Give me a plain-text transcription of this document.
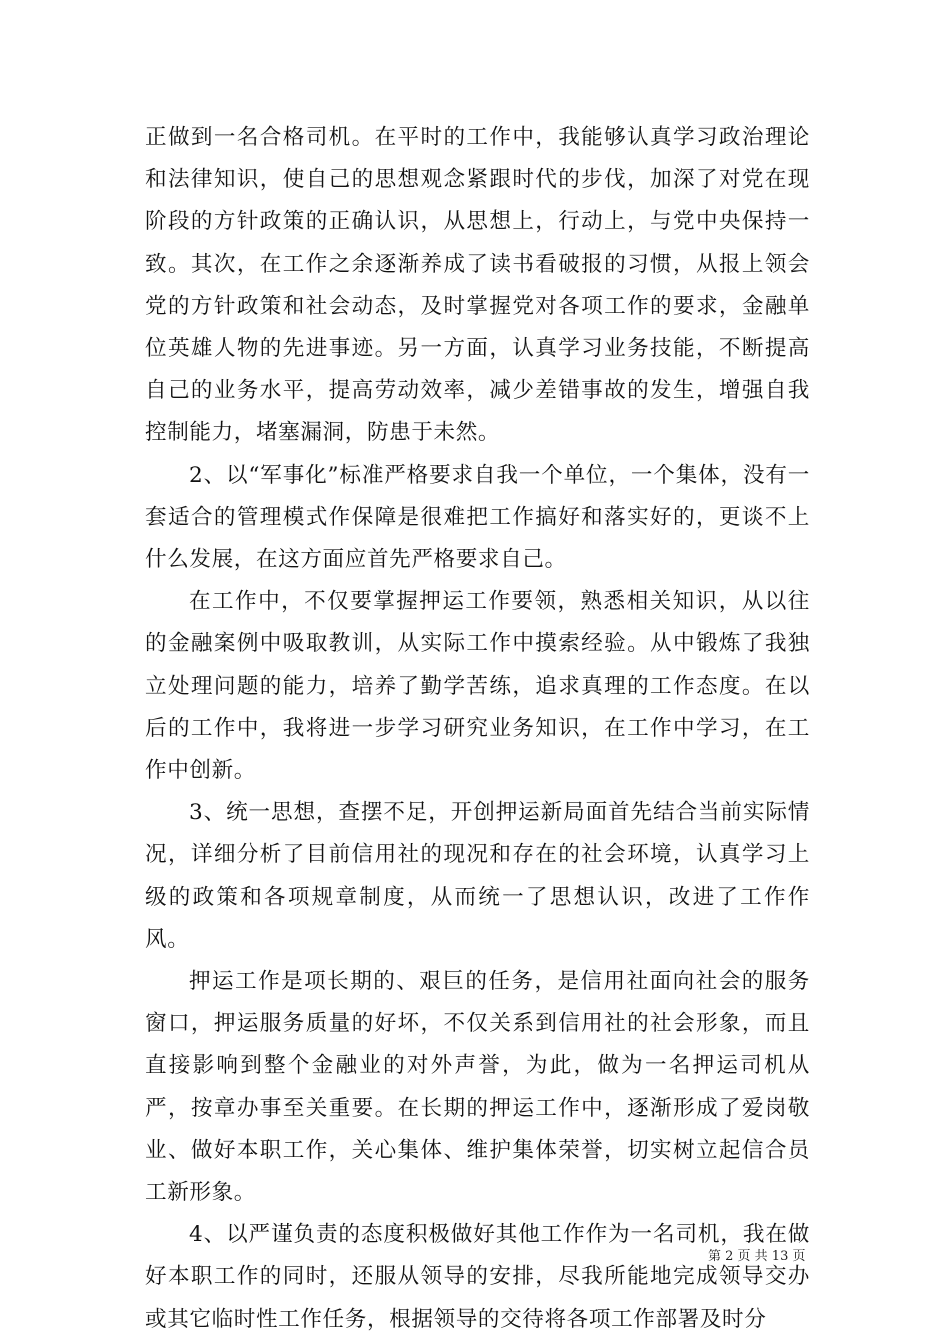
正做到一名合格司机。在平时的工作中，我能够认真学习政治理论和法律知识，使自己的思想观念紧跟时代的步伐，加深了对党在现阶段的方针政策的正确认识，从思想上，行动上，与党中央保持一致。其次，在工作之余逐渐养成了读书看破报的习惯，从报上领会党的方针政策和社会动态，及时掌握党对各项工作的要求，金融单位英雄人物的先进事迹。另一方面，认真学习业务技能，不断提高自己的业务水平，提高劳动效率，减少差错事故的发生，增强自我控制能力，堵塞漏洞，防患于未然。

2、以“军事化”标准严格要求自我一个单位，一个集体，没有一套适合的管理模式作保障是很难把工作搞好和落实好的，更谈不上什么发展，在这方面应首先严格要求自己。

在工作中，不仅要掌握押运工作要领，熟悉相关知识，从以往的金融案例中吸取教训，从实际工作中摸索经验。从中锻炼了我独立处理问题的能力，培养了勤学苦练，追求真理的工作态度。在以后的工作中，我将进一步学习研究业务知识，在工作中学习，在工作中创新。

3、统一思想，查摆不足，开创押运新局面首先结合当前实际情况，详细分析了目前信用社的现况和存在的社会环境，认真学习上级的政策和各项规章制度，从而统一了思想认识，改进了工作作风。

押运工作是项长期的、艰巨的任务，是信用社面向社会的服务窗口，押运服务质量的好坏，不仅关系到信用社的社会形象，而且直接影响到整个金融业的对外声誉，为此，做为一名押运司机从严，按章办事至关重要。在长期的押运工作中，逐渐形成了爱岗敬业、做好本职工作，关心集体、维护集体荣誉，切实树立起信合员工新形象。

4、以严谨负责的态度积极做好其他工作作为一名司机，我在做好本职工作的同时，还服从领导的安排，尽我所能地完成领导交办或其它临时性工作任务，根据领导的交待将各项工作部署及时分

第 2 页 共 13 页
